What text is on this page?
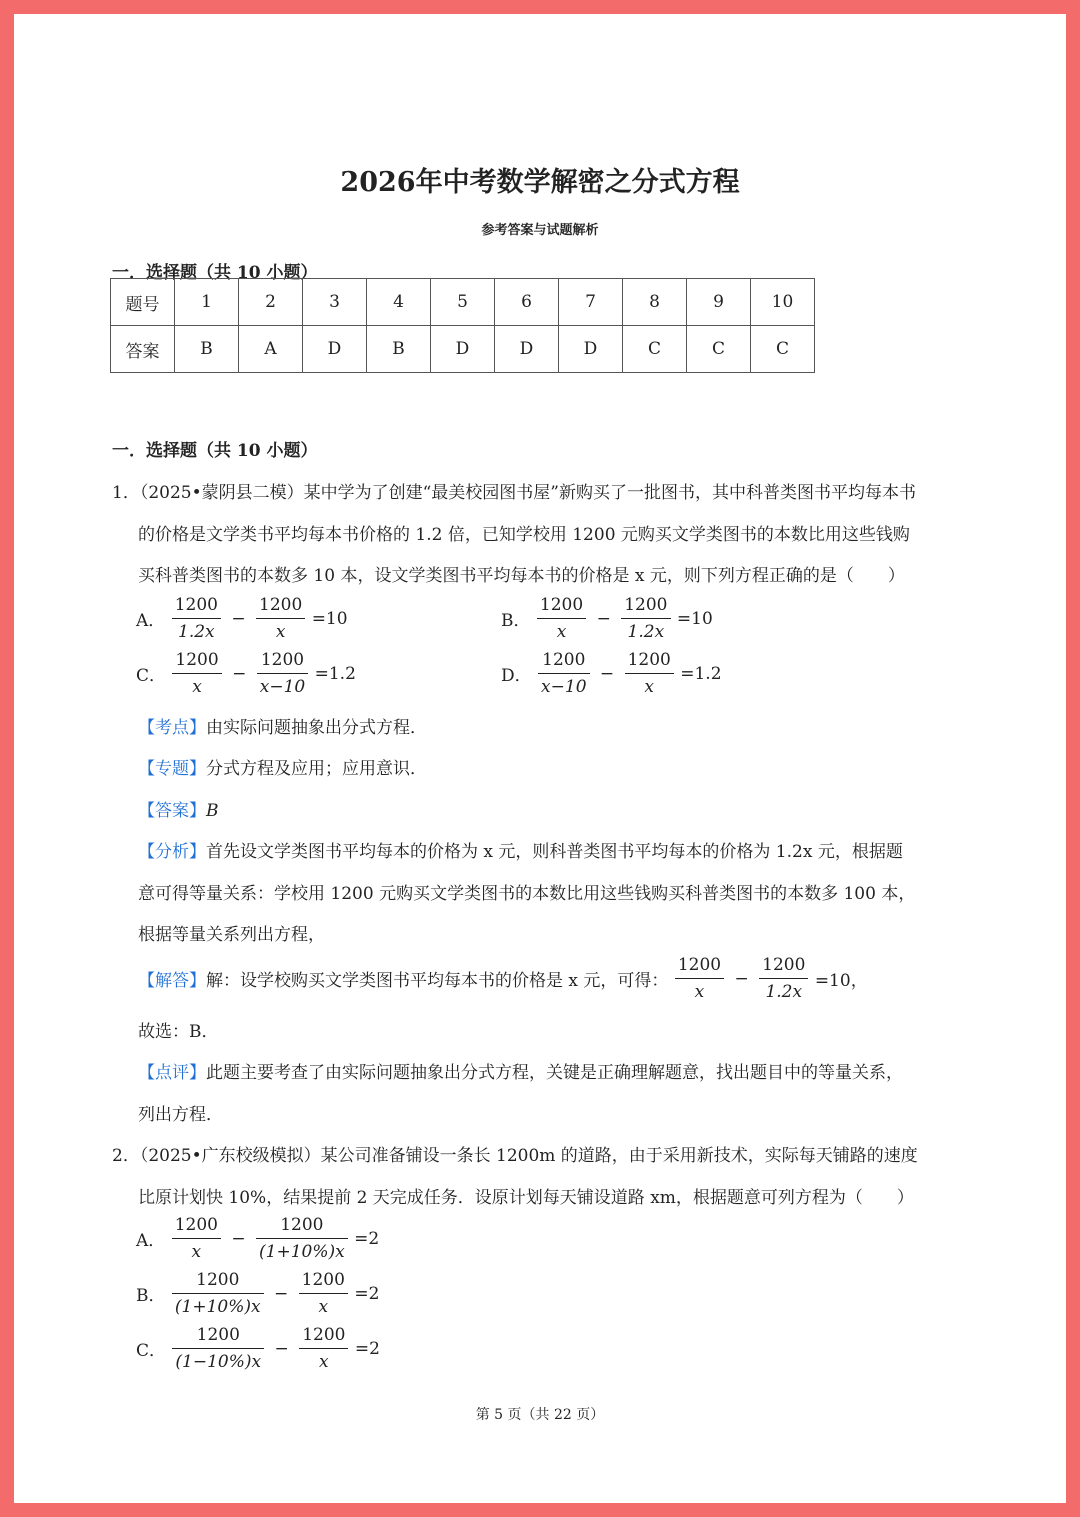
2026年中考数学解密之分式方程
参考答案与试题解析
一．选择题（共 10 小题）
题号	1	2	3	4	5	6	7	8	9	10
答案	B	A	D	B	D	D	D	C	C	C
一．选择题（共 10 小题）
1．（2025•蒙阴县二模）某中学为了创建“最美校园图书屋”新购买了一批图书，其中科普类图书平均每本书
的价格是文学类书平均每本书价格的 1.2 倍，已知学校用 1200 元购买文学类图书的本数比用这些钱购
买科普类图书的本数多 10 本，设文学类图书平均每本书的价格是 x 元，则下列方程正确的是（　　）
A． $\frac{1200}{1.2x} - \frac{1200}{x} =10$	B． $\frac{1200}{x} - \frac{1200}{1.2x} =10$
C． $\frac{1200}{x} - \frac{1200}{x-10} =1.2$	D． $\frac{1200}{x-10} - \frac{1200}{x} =1.2$
【考点】由实际问题抽象出分式方程．
【专题】分式方程及应用；应用意识．
【答案】B
【分析】首先设文学类图书平均每本的价格为 x 元，则科普类图书平均每本的价格为 1.2x 元，根据题
意可得等量关系：学校用 1200 元购买文学类图书的本数比用这些钱购买科普类图书的本数多 100 本，
根据等量关系列出方程，
【解答】解：设学校购买文学类图书平均每本书的价格是 x 元，可得： $\frac{1200}{x} - \frac{1200}{1.2x} =10$，
故选：B．
【点评】此题主要考查了由实际问题抽象出分式方程，关键是正确理解题意，找出题目中的等量关系，
列出方程．
2．（2025•广东校级模拟）某公司准备铺设一条长 1200m 的道路，由于采用新技术，实际每天铺路的速度
比原计划快 10%，结果提前 2 天完成任务．设原计划每天铺设道路 xm，根据题意可列方程为（　　）
A． $\frac{1200}{x} - \frac{1200}{(1+10\%)x} =2$
B． $\frac{1200}{(1+10\%)x} - \frac{1200}{x} =2$
C． $\frac{1200}{(1-10\%)x} - \frac{1200}{x} =2$
第 5 页（共 22 页）
